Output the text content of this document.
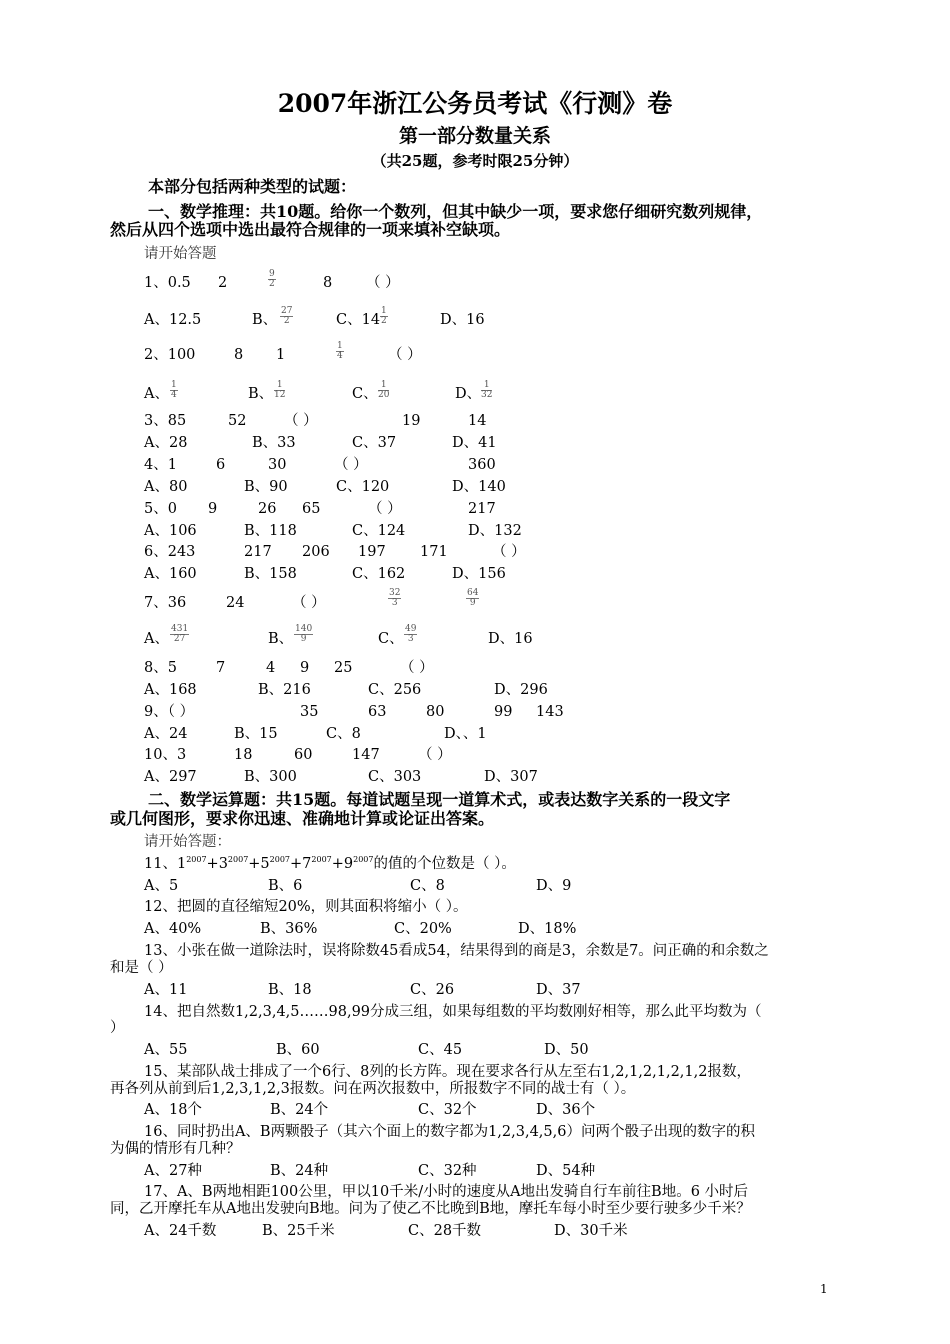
2007年浙江公务员考试《行测》卷
第一部分数量关系
（共25题，参考时限25分钟）
本部分包括两种类型的试题：
一、数学推理：共10题。给你一个数列，但其中缺少一项，要求您仔细研究数列规律，
然后从四个选项中选出最符合规律的一项来填补空缺项。
请开始答题
1、0.5 2
9
2	8 （ ）
A、12.5	B、
27
2	C、14
1
2	D、16
2、100	8 1
1
4	（ ）
A、
1
4	B、
1
12	C、
1
20	D、
1
32
3、85	52	（ ）	19	14
A、28	B、33	C、37	D、41
4、1	6	30	（ ）	360
A、80	B、90	C、120	D、140
5、0 9	26 65	（ ）	217
A、106	B、118	C、124	D、132
6、243	217 206 197 171	（ ）
A、160	B、158	C、162	D、156
7、36	24	（ ）
32
3
64
9
A、
431
27	B、
140
9	C、
49
3	D、16
8、5	7	4 9 25	（ ）
A、168	B、216	C、256	D、296
9、（ ）	35	63	80	99 143
A、24	B、15	C、8	D、、1
10、3	18	60	147	（ ）
A、297	B、300	C、303	D、307
二、数学运算题：共15题。每道试题呈现一道算术式，或表达数字关系的一段文字
或几何图形，要求你迅速、准确地计算或论证出答案。
请开始答题：
11、$1^{2007}+3^{2007}+5^{2007}+7^{2007}+9^{2007}$的值的个位数是（ ）。
A、5	B、6	C、8	D、9
12、把圆的直径缩短20%，则其面积将缩小（ ）。
A、40%	B、36%	C、20%	D、18%
13、小张在做一道除法时，误将除数45看成54，结果得到的商是3，余数是7。问正确的和余数之
和是（ ）
A、11	B、18	C、26	D、37
14、把自然数1,2,3,4,5……98,99分成三组，如果每组数的平均数刚好相等，那么此平均数为（
）
A、55	B、60	C、45	D、50
15、某部队战士排成了一个6行、8列的长方阵。现在要求各行从左至右1,2,1,2,1,2,1,2报数，
再各列从前到后1,2,3,1,2,3报数。问在两次报数中，所报数字不同的战士有（ ）。
A、18个	B、24个	C、32个	D、36个
16、同时扔出A、B两颗骰子（其六个面上的数字都为1,2,3,4,5,6）问两个骰子出现的数字的积
为偶的情形有几种？
A、27种	B、24种	C、32种	D、54种
17、A、B两地相距100公里，甲以10千米/小时的速度从A地出发骑自行车前往B地。6 小时后
同，乙开摩托车从A地出发驶向B地。问为了使乙不比晚到B地，摩托车每小时至少要行驶多少千米？
A、24千数	B、25千米	C、28千数	D、30千米
1
